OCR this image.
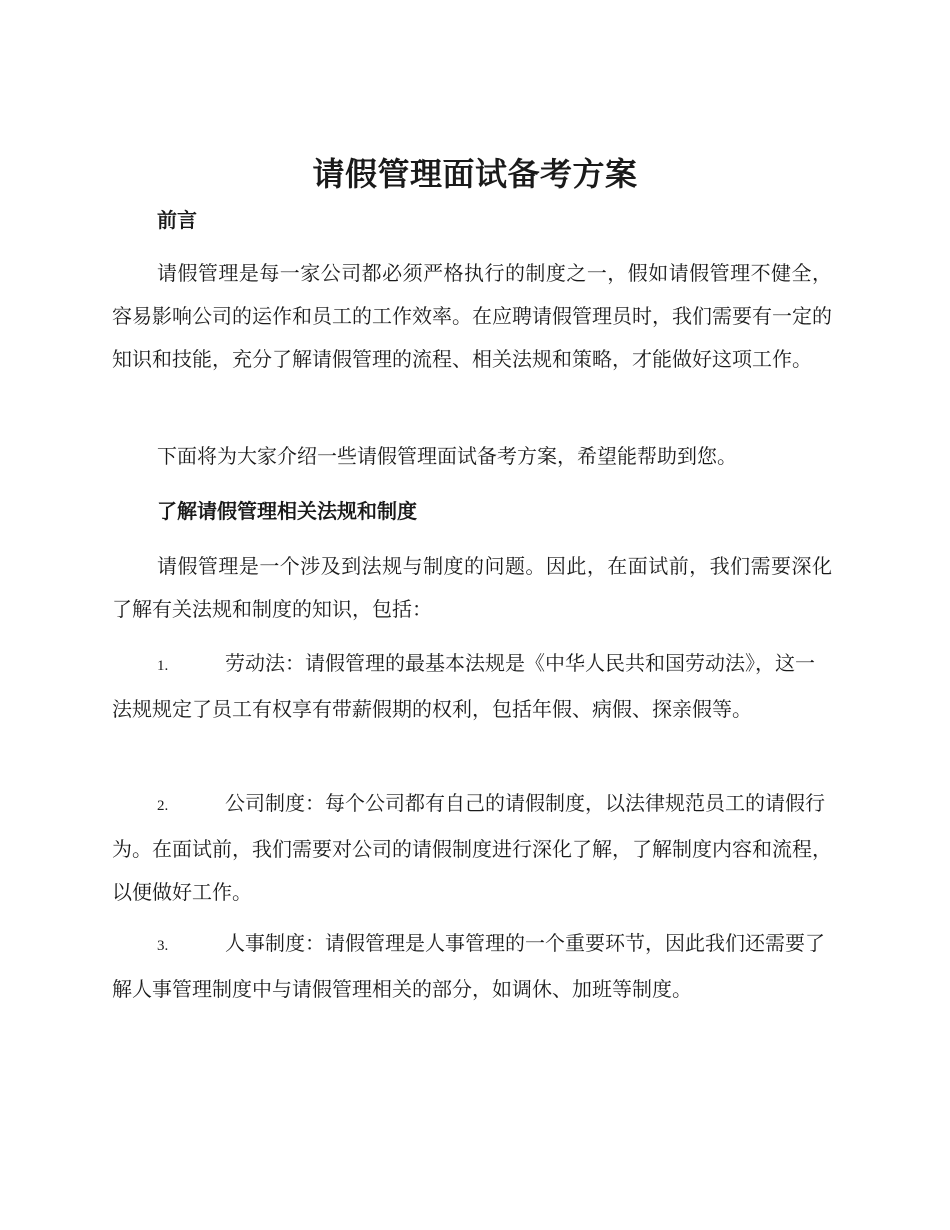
请假管理面试备考方案
前言

请假管理是每一家公司都必须严格执行的制度之一，假如请假管理不健全，容易影响公司的运作和员工的工作效率。在应聘请假管理员时，我们需要有一定的知识和技能，充分了解请假管理的流程、相关法规和策略，才能做好这项工作。

下面将为大家介绍一些请假管理面试备考方案，希望能帮助到您。

了解请假管理相关法规和制度

请假管理是一个涉及到法规与制度的问题。因此，在面试前，我们需要深化了解有关法规和制度的知识，包括：

1.	劳动法：请假管理的最基本法规是《中华人民共和国劳动法》，这一法规规定了员工有权享有带薪假期的权利，包括年假、病假、探亲假等。

2.	公司制度：每个公司都有自己的请假制度，以法律规范员工的请假行为。在面试前，我们需要对公司的请假制度进行深化了解，了解制度内容和流程，以便做好工作。

3.	人事制度：请假管理是人事管理的一个重要环节，因此我们还需要了解人事管理制度中与请假管理相关的部分，如调休、加班等制度。
